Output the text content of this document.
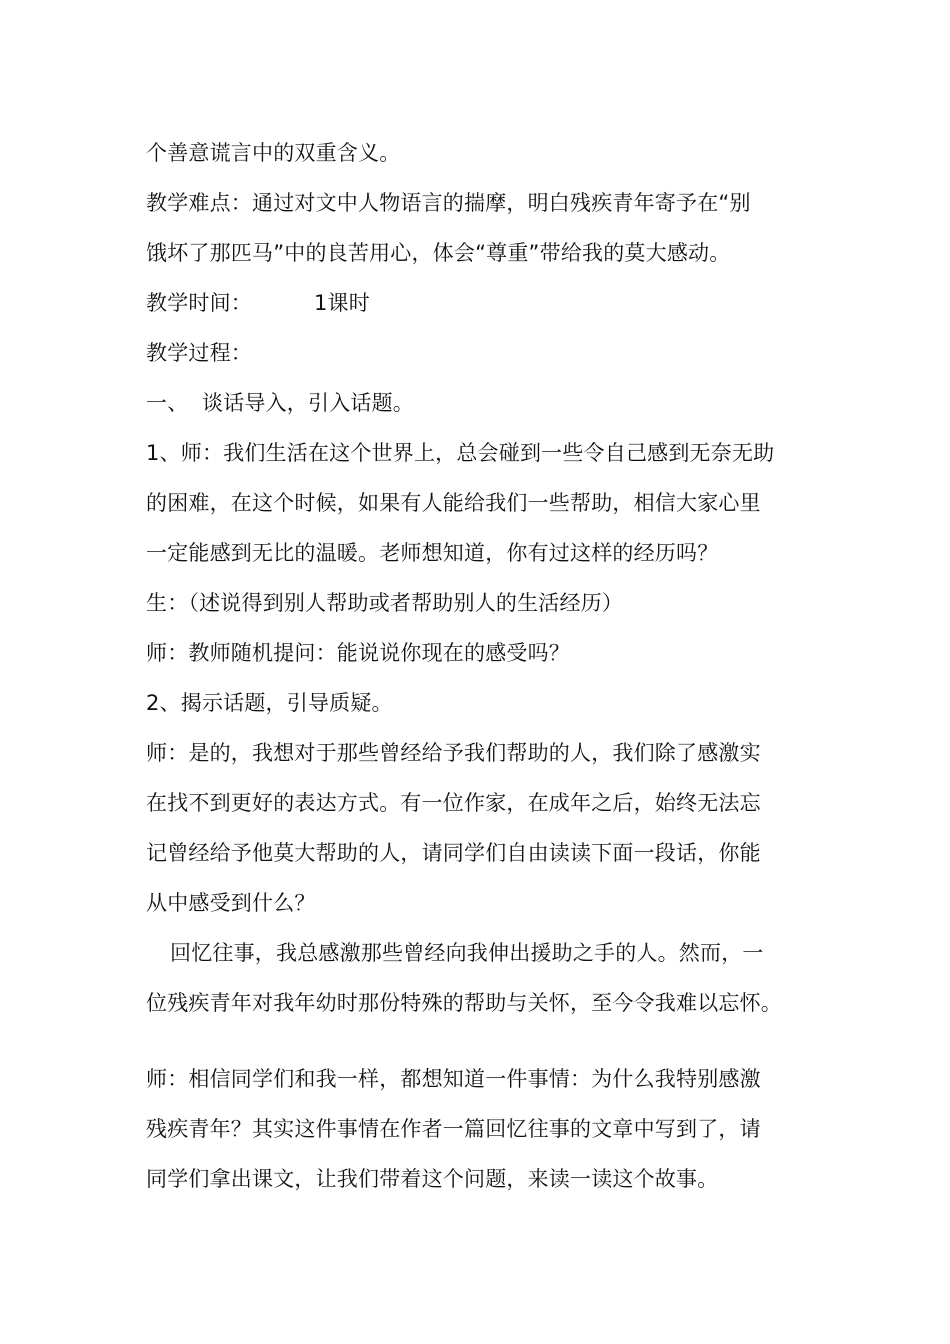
个善意谎言中的双重含义。
教学难点：通过对文中人物语言的揣摩，明白残疾青年寄予在“别
饿坏了那匹马”中的良苦用心，体会“尊重”带给我的莫大感动。
教学时间：	1课时
教学过程：
一、 谈话导入，引入话题。
1、师：我们生活在这个世界上，总会碰到一些令自己感到无奈无助
的困难，在这个时候，如果有人能给我们一些帮助，相信大家心里
一定能感到无比的温暖。老师想知道，你有过这样的经历吗？
生：（述说得到别人帮助或者帮助别人的生活经历）
师：教师随机提问：能说说你现在的感受吗？
2、揭示话题，引导质疑。
师：是的，我想对于那些曾经给予我们帮助的人，我们除了感激实
在找不到更好的表达方式。有一位作家，在成年之后，始终无法忘
记曾经给予他莫大帮助的人，请同学们自由读读下面一段话，你能
从中感受到什么？
回忆往事，我总感激那些曾经向我伸出援助之手的人。然而，一
位残疾青年对我年幼时那份特殊的帮助与关怀，至今令我难以忘怀。
师：相信同学们和我一样，都想知道一件事情：为什么我特别感激
残疾青年？其实这件事情在作者一篇回忆往事的文章中写到了，请
同学们拿出课文，让我们带着这个问题，来读一读这个故事。
